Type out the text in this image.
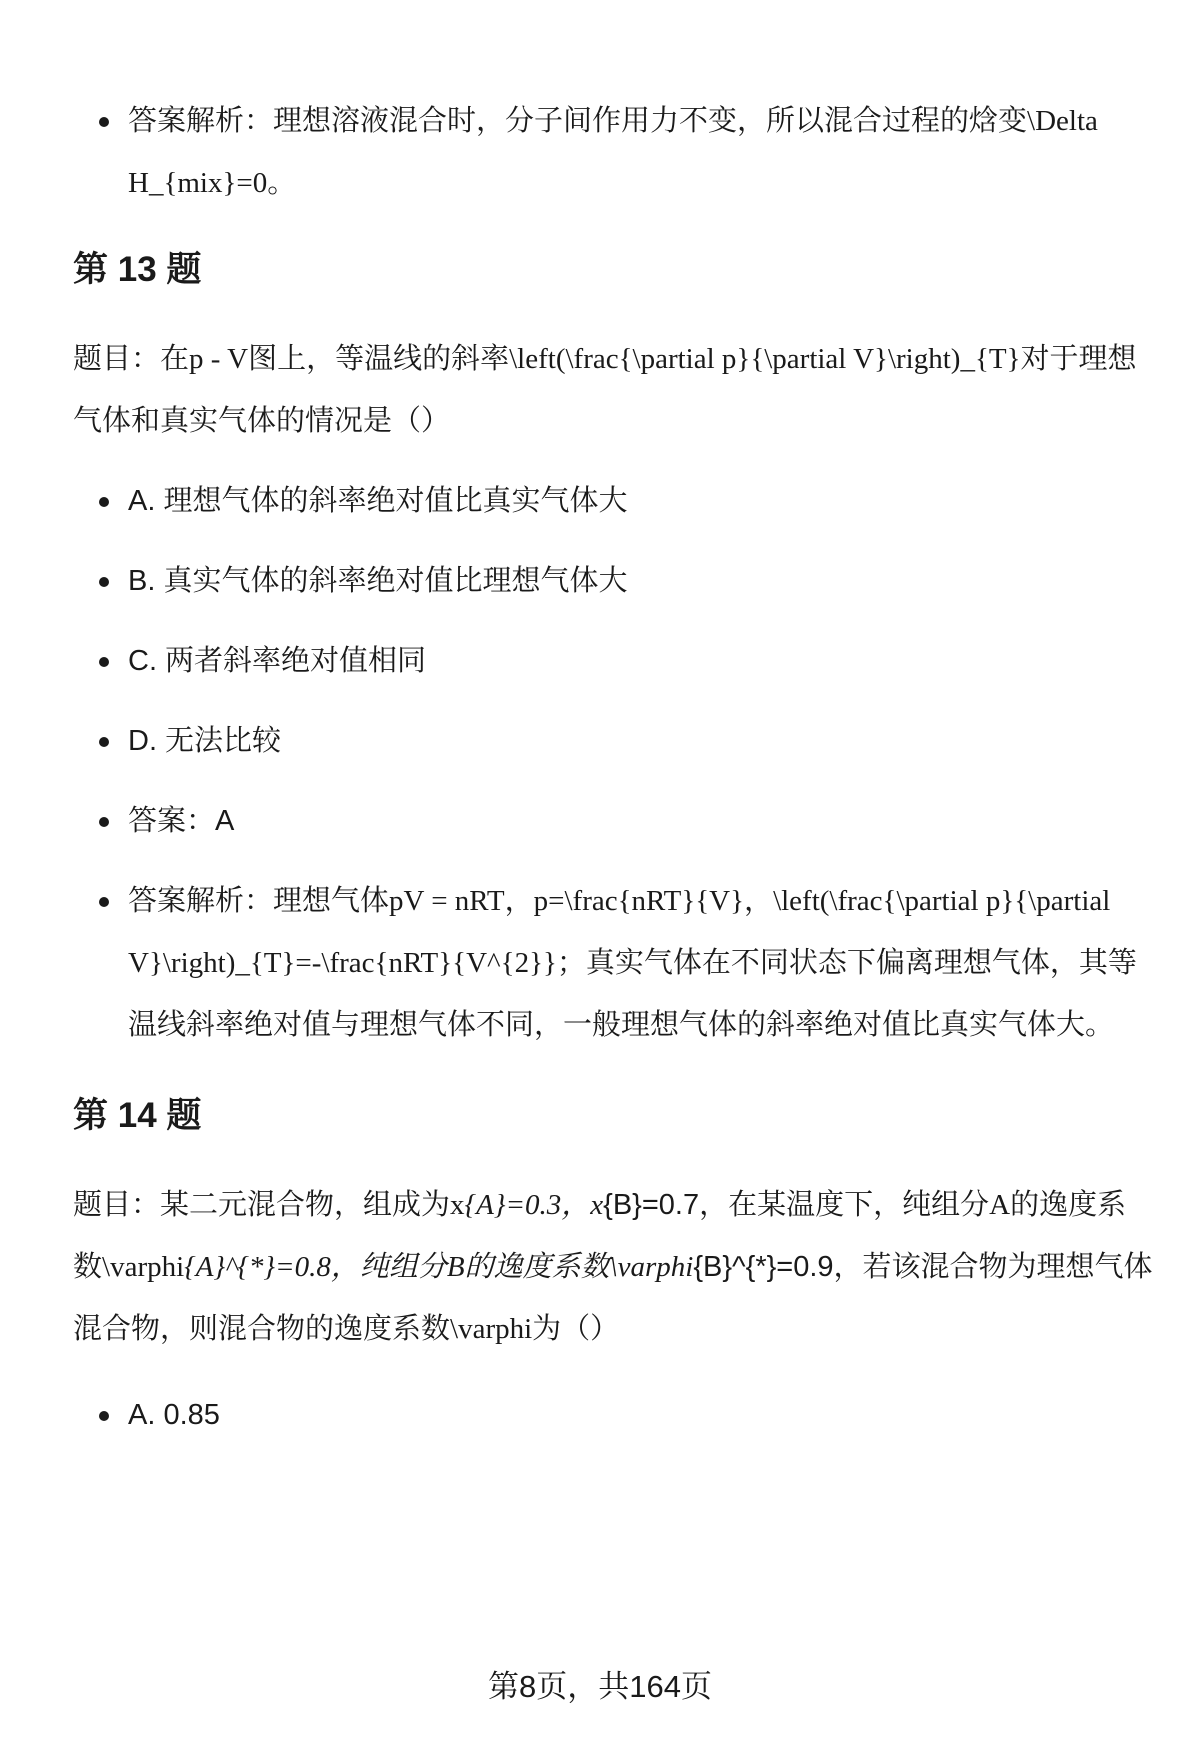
答案解析：理想溶液混合时，分子间作用力不变，所以混合过程的焓变\Delta H_{mix}=0。
第 13 题

题目：在p - V图上，等温线的斜率\left(\frac{\partial p}{\partial V}\right)_{T}对于理想气体和真实气体的情况是（）

A. 理想气体的斜率绝对值比真实气体大
B. 真实气体的斜率绝对值比理想气体大
C. 两者斜率绝对值相同
D. 无法比较
答案：A
答案解析：理想气体pV = nRT，p=\frac{nRT}{V}，\left(\frac{\partial p}{\partial V}\right)_{T}=-\frac{nRT}{V^{2}}；真实气体在不同状态下偏离理想气体，其等温线斜率绝对值与理想气体不同，一般理想气体的斜率绝对值比真实气体大。
第 14 题

题目：某二元混合物，组成为x{A}=0.3，x{B}=0.7，在某温度下，纯组分A的逸度系数\varphi{A}^{*}=0.8，纯组分B的逸度系数\varphi{B}^{*}=0.9，若该混合物为理想气体混合物，则混合物的逸度系数\varphi为（）

A. 0.85
第8页，共164页
